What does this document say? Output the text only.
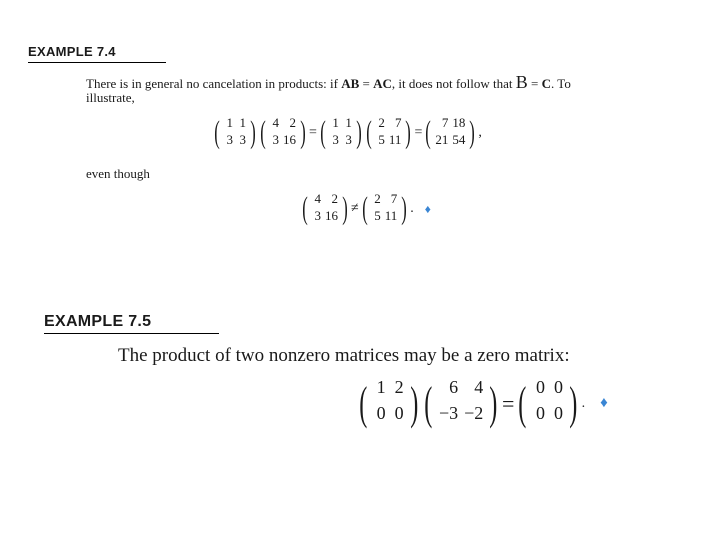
EXAMPLE 7.4
There is in general no cancelation in products: if AB = AC, it does not follow that B = C. To
illustrate,
( 1 1
3 3 ) ( 4 2
3 16 ) = ( 1 1
3 3 ) ( 2 7
5 11 ) = ( 7 18
21 54 ) ,
even though
( 4 2
3 16 ) ≠ ( 2 7
5 11 ) . ♦
EXAMPLE 7.5
The product of two nonzero matrices may be a zero matrix:
( 1 2
0 0 ) ( 6 4
−3 −2 ) = ( 0 0
0 0 ) . ♦
